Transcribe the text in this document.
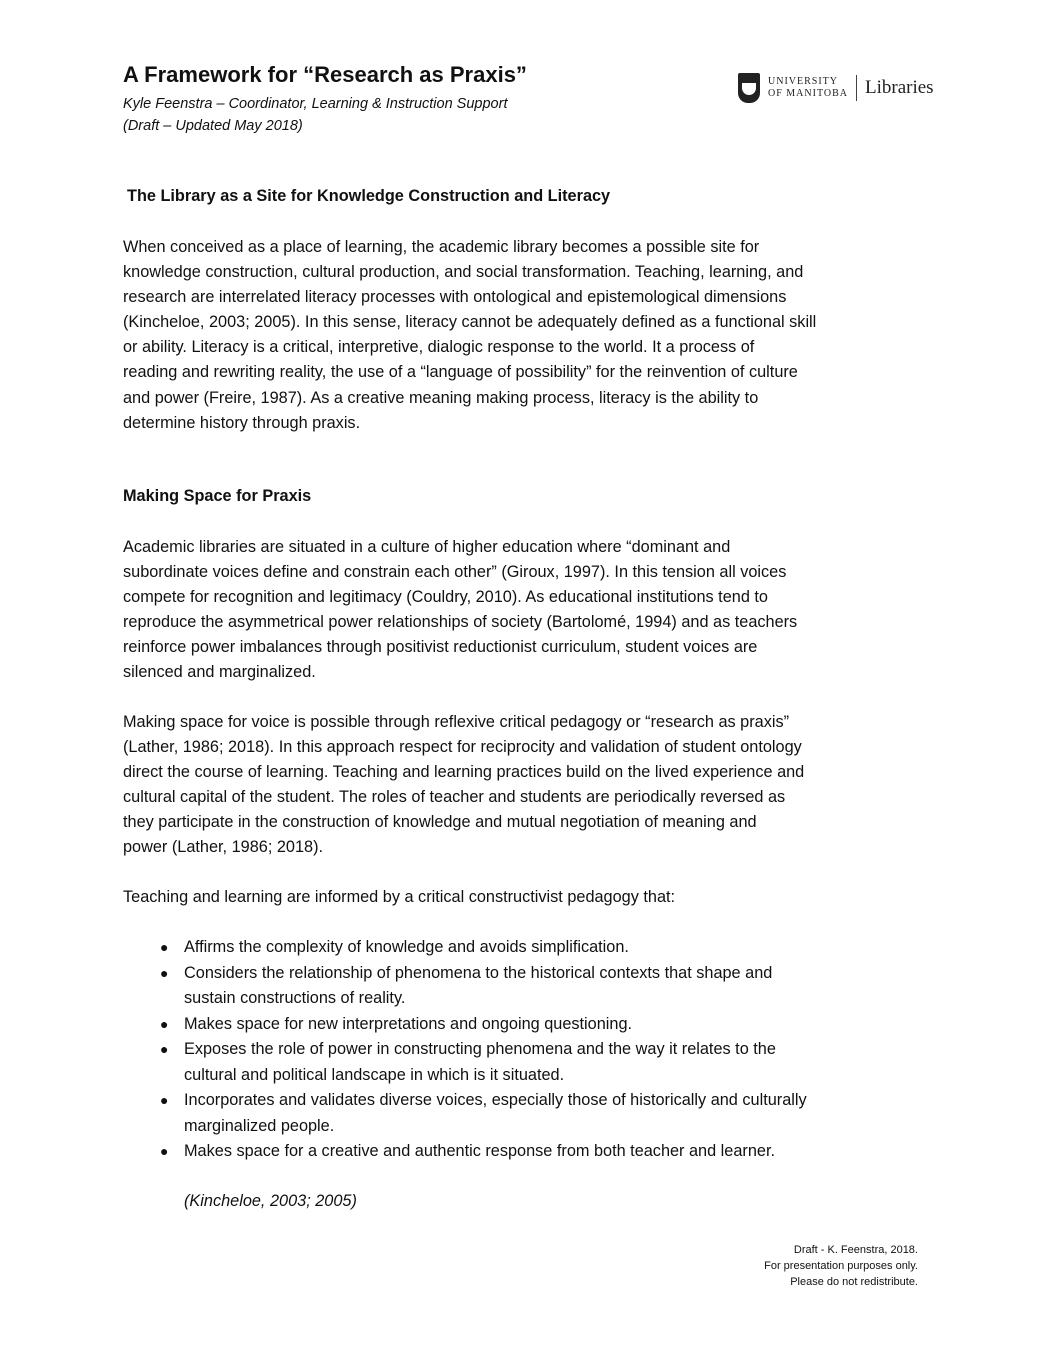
A Framework for “Research as Praxis”
Kyle Feenstra – Coordinator, Learning & Instruction Support
(Draft – Updated May 2018)
UNIVERSITY
OF MANITOBA Libraries
The Library as a Site for Knowledge Construction and Literacy
When conceived as a place of learning, the academic library becomes a possible site for
knowledge construction, cultural production, and social transformation. Teaching, learning, and
research are interrelated literacy processes with ontological and epistemological dimensions
(Kincheloe, 2003; 2005). In this sense, literacy cannot be adequately defined as a functional skill
or ability. Literacy is a critical, interpretive, dialogic response to the world. It a process of
reading and rewriting reality, the use of a “language of possibility” for the reinvention of culture
and power (Freire, 1987). As a creative meaning making process, literacy is the ability to
determine history through praxis.
Making Space for Praxis
Academic libraries are situated in a culture of higher education where “dominant and
subordinate voices define and constrain each other” (Giroux, 1997). In this tension all voices
compete for recognition and legitimacy (Couldry, 2010). As educational institutions tend to
reproduce the asymmetrical power relationships of society (Bartolomé, 1994) and as teachers
reinforce power imbalances through positivist reductionist curriculum, student voices are
silenced and marginalized.
Making space for voice is possible through reflexive critical pedagogy or “research as praxis”
(Lather, 1986; 2018). In this approach respect for reciprocity and validation of student ontology
direct the course of learning. Teaching and learning practices build on the lived experience and
cultural capital of the student. The roles of teacher and students are periodically reversed as
they participate in the construction of knowledge and mutual negotiation of meaning and
power (Lather, 1986; 2018).
Teaching and learning are informed by a critical constructivist pedagogy that:
● Affirms the complexity of knowledge and avoids simplification.
● Considers the relationship of phenomena to the historical contexts that shape and
sustain constructions of reality.
● Makes space for new interpretations and ongoing questioning.
● Exposes the role of power in constructing phenomena and the way it relates to the
cultural and political landscape in which is it situated.
● Incorporates and validates diverse voices, especially those of historically and culturally
marginalized people.
● Makes space for a creative and authentic response from both teacher and learner.
(Kincheloe, 2003; 2005)
Draft - K. Feenstra, 2018.
For presentation purposes only.
Please do not redistribute.
